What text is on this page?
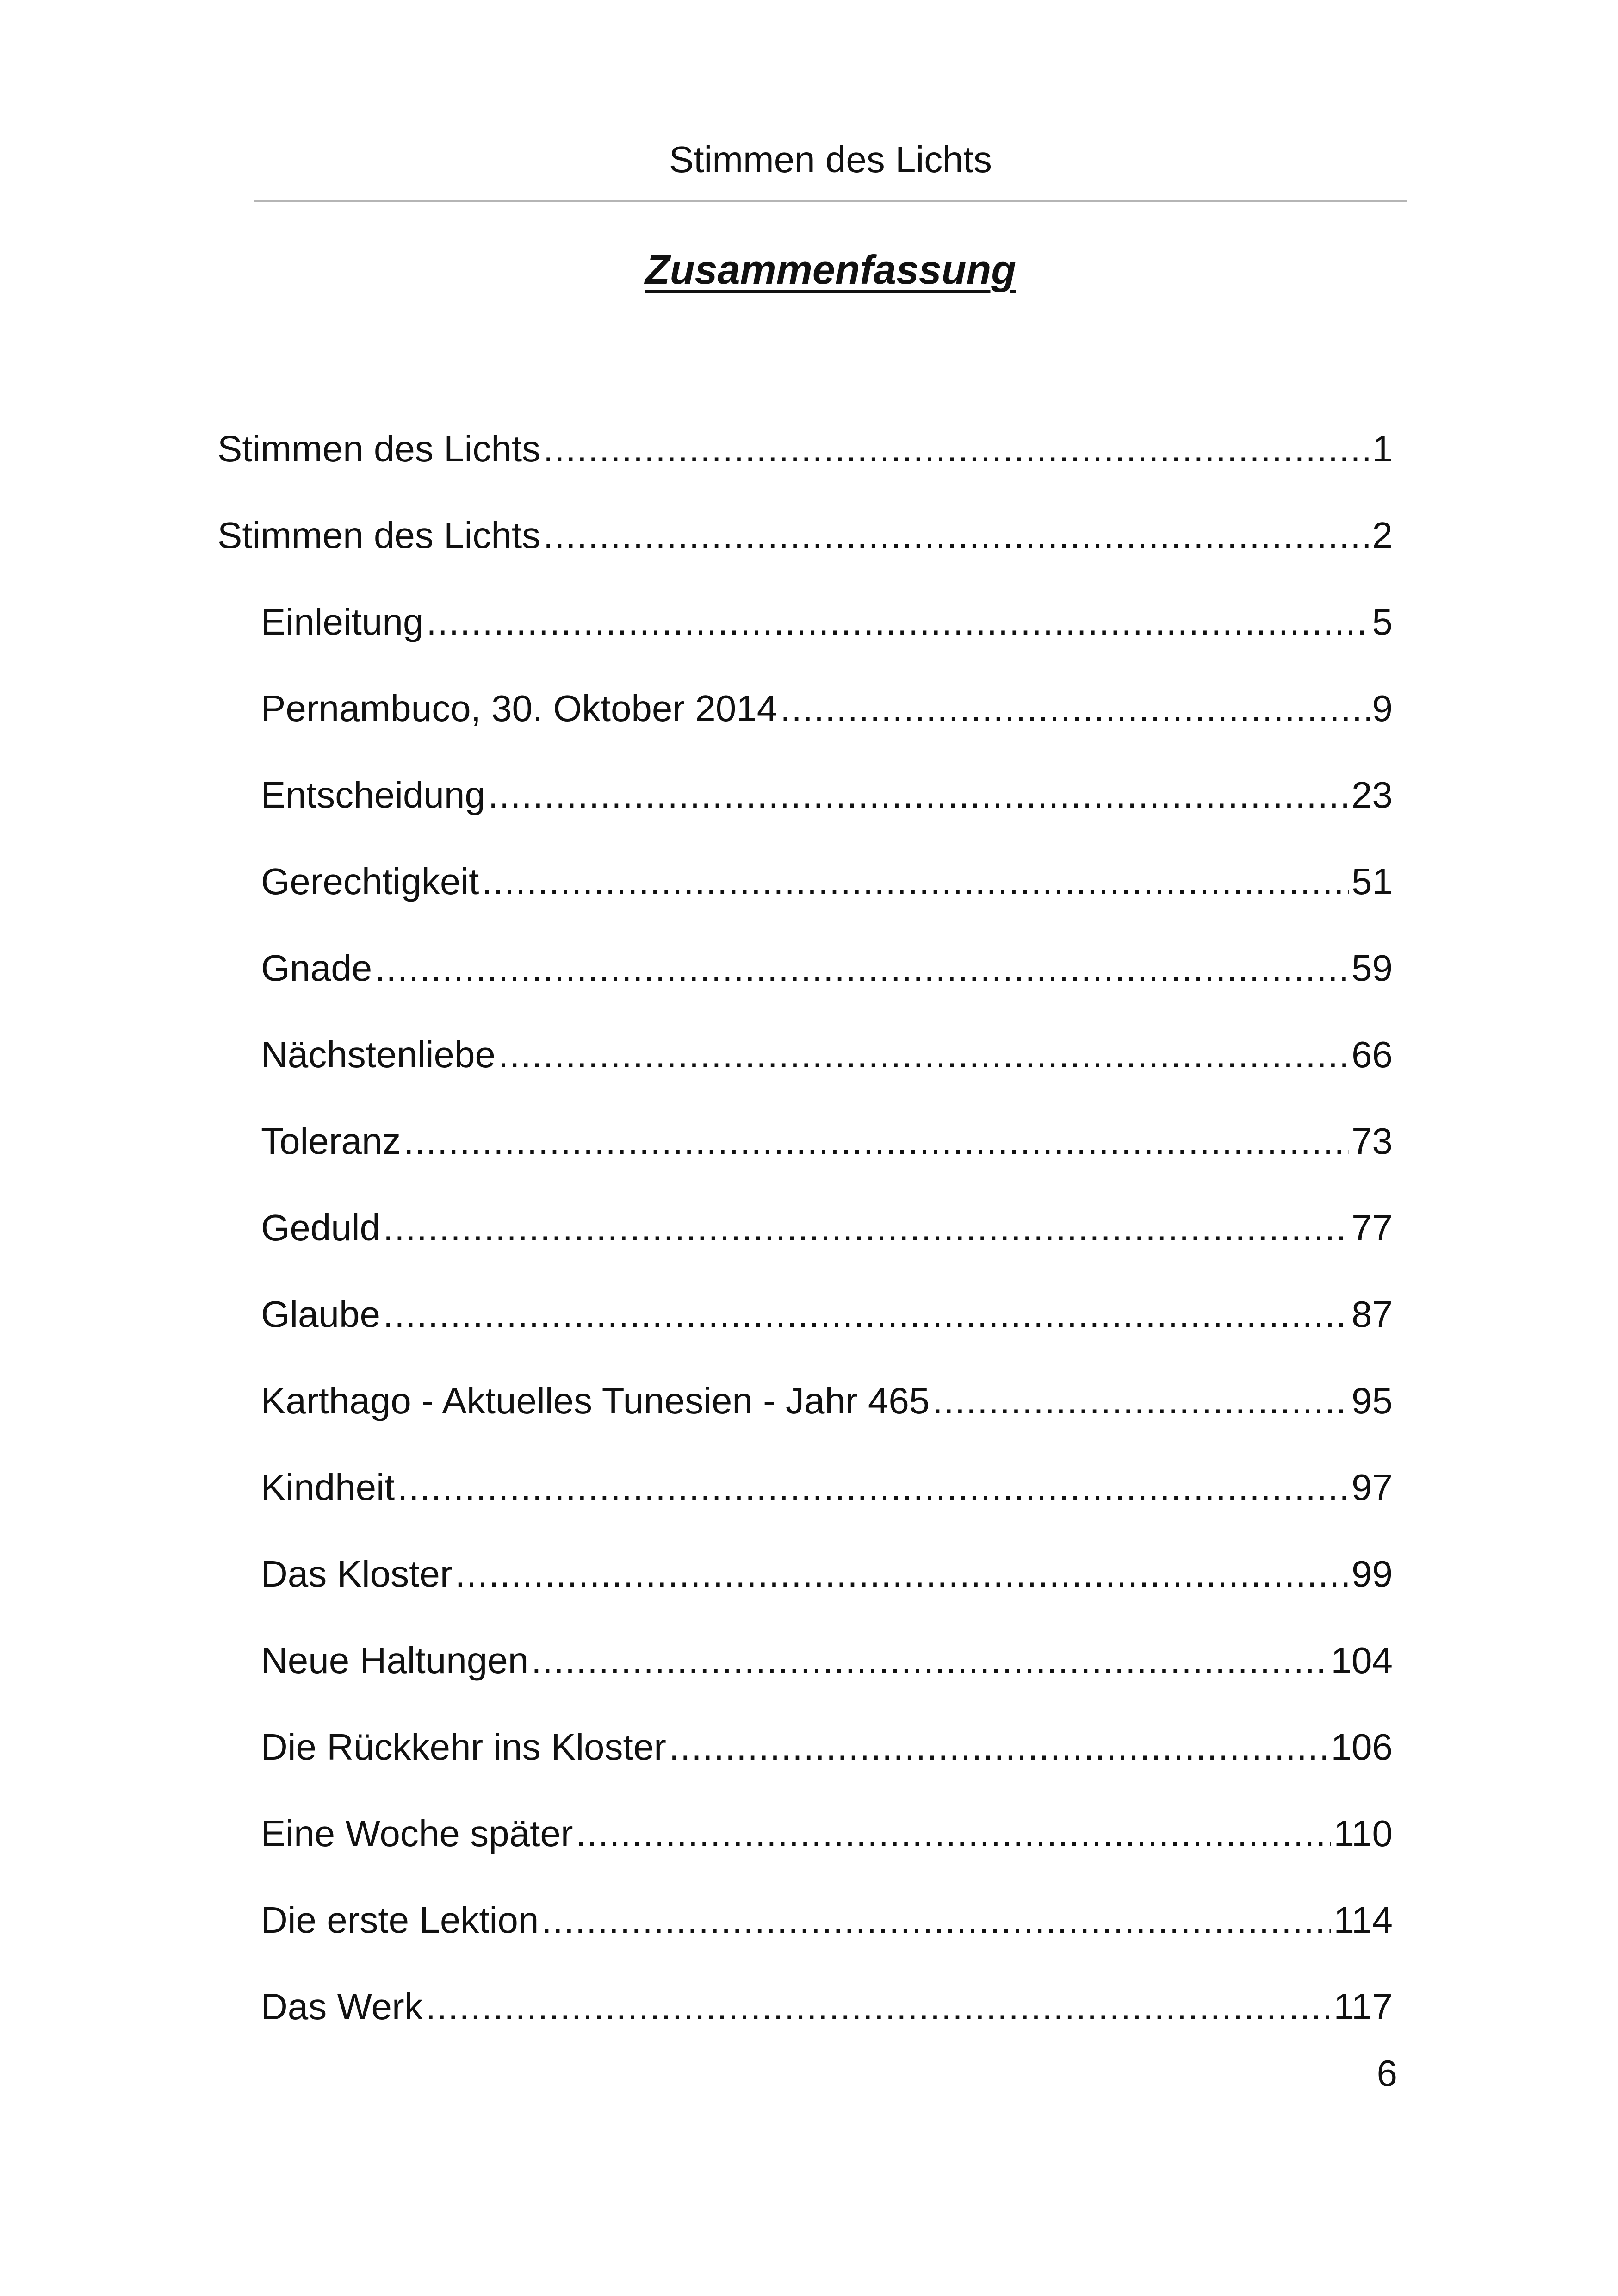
Stimmen des Lichts
Zusammenfassung
Stimmen des Lichts .....	1
Stimmen des Lichts .....	2
Einleitung .....	5
Pernambuco, 30. Oktober 2014 .....	9
Entscheidung .....	23
Gerechtigkeit .....	51
Gnade .....	59
Nächstenliebe .....	66
Toleranz .....	73
Geduld .....	77
Glaube .....	87
Karthago - Aktuelles Tunesien - Jahr 465 .....	95
Kindheit .....	97
Das Kloster .....	99
Neue Haltungen .....	104
Die Rückkehr ins Kloster .....	106
Eine Woche später .....	110
Die erste Lektion .....	114
Das Werk .....	117
6
